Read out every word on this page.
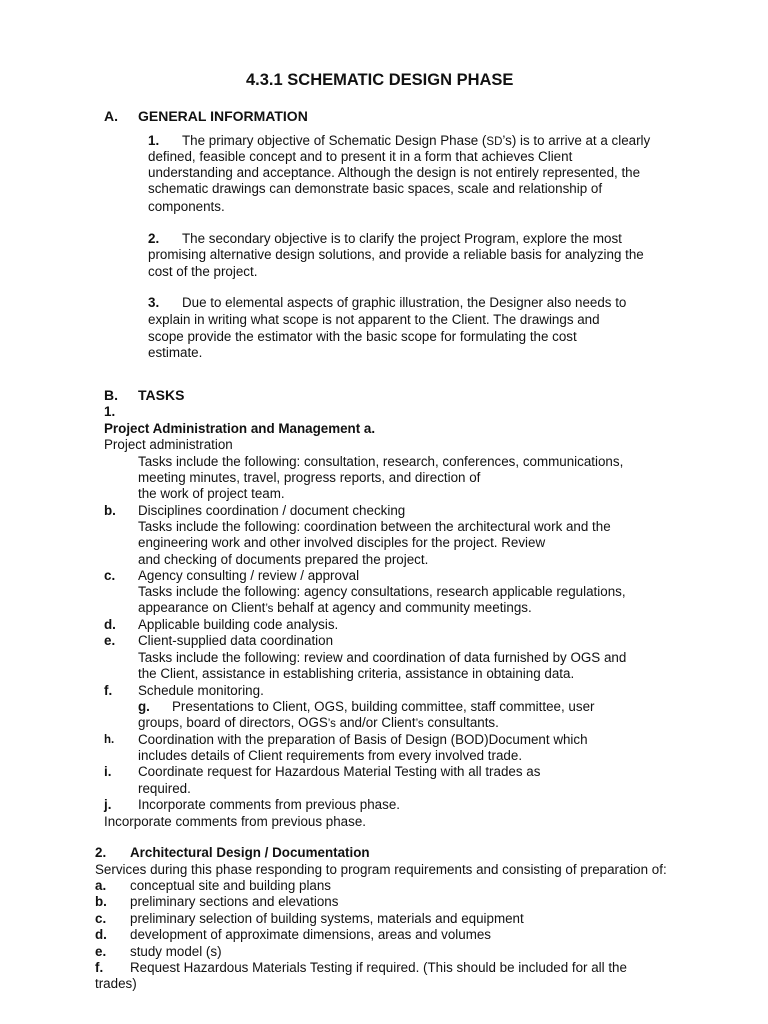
4.3.1 SCHEMATIC DESIGN PHASE
A. GENERAL INFORMATION
1. The primary objective of Schematic Design Phase (SD’s) is to arrive at a clearly
defined, feasible concept and to present it in a form that achieves Client
understanding and acceptance. Although the design is not entirely represented, the
schematic drawings can demonstrate basic spaces, scale and relationship of
components.
2. The secondary objective is to clarify the project Program, explore the most
promising alternative design solutions, and provide a reliable basis for analyzing the
cost of the project.
3. Due to elemental aspects of graphic illustration, the Designer also needs to
explain in writing what scope is not apparent to the Client. The drawings and
scope provide the estimator with the basic scope for formulating the cost
estimate.
B. TASKS
1.
Project Administration and Management a.
Project administration
Tasks include the following: consultation, research, conferences, communications,
meeting minutes, travel, progress reports, and direction of
the work of project team.
b. Disciplines coordination / document checking
Tasks include the following: coordination between the architectural work and the
engineering work and other involved disciples for the project. Review
and checking of documents prepared the project.
c. Agency consulting / review / approval
Tasks include the following: agency consultations, research applicable regulations,
appearance on Client’s behalf at agency and community meetings.
d. Applicable building code analysis.
e. Client-supplied data coordination
Tasks include the following: review and coordination of data furnished by OGS and
the Client, assistance in establishing criteria, assistance in obtaining data.
f. Schedule monitoring.
g. Presentations to Client, OGS, building committee, staff committee, user
groups, board of directors, OGS’s and/or Client’s consultants.
h. Coordination with the preparation of Basis of Design (BOD)Document which
includes details of Client requirements from every involved trade.
i. Coordinate request for Hazardous Material Testing with all trades as
required.
j. Incorporate comments from previous phase.
Incorporate comments from previous phase.
2. Architectural Design / Documentation
Services during this phase responding to program requirements and consisting of preparation of:
a. conceptual site and building plans
b. preliminary sections and elevations
c. preliminary selection of building systems, materials and equipment
d. development of approximate dimensions, areas and volumes
e. study model (s)
f. Request Hazardous Materials Testing if required. (This should be included for all the
trades)
